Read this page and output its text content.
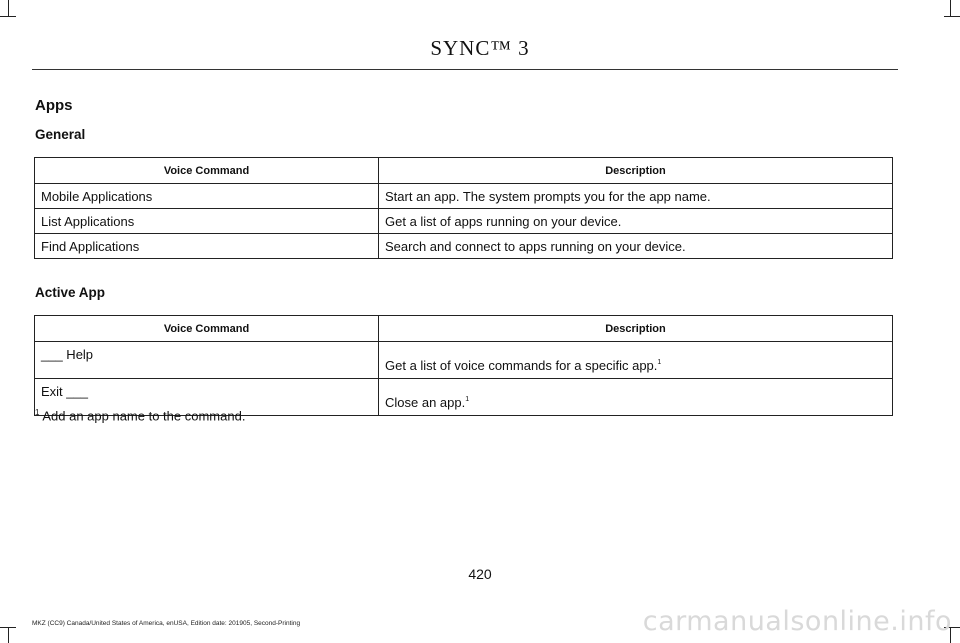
SYNC™ 3
Apps
General
Voice Command	Description
Mobile Applications	Start an app. The system prompts you for the app name.
List Applications	Get a list of apps running on your device.
Find Applications	Search and connect to apps running on your device.
Active App
Voice Command	Description
___ Help	Get a list of voice commands for a specific app.$^1$
Exit ___	Close an app.$^1$
$^1$ Add an app name to the command.
420
MKZ (CC9) Canada/United States of America, enUSA, Edition date: 201905, Second-Printing	carmanualsonline.info
